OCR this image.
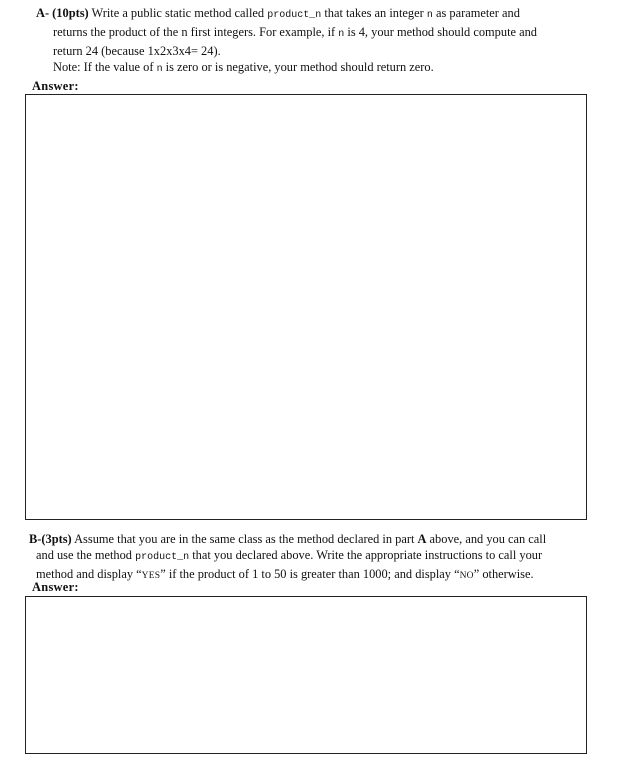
A- (10pts) Write a public static method called product_n that takes an integer n as parameter and
returns the product of the n first integers. For example, if n is 4, your method should compute and
return 24 (because 1x2x3x4= 24).
Note: If the value of n is zero or is negative, your method should return zero.
Answer:
B-(3pts) Assume that you are in the same class as the method declared in part A above, and you can call
and use the method product_n that you declared above. Write the appropriate instructions to call your
method and display “YES” if the product of 1 to 50 is greater than 1000; and display “NO” otherwise.
Answer:
